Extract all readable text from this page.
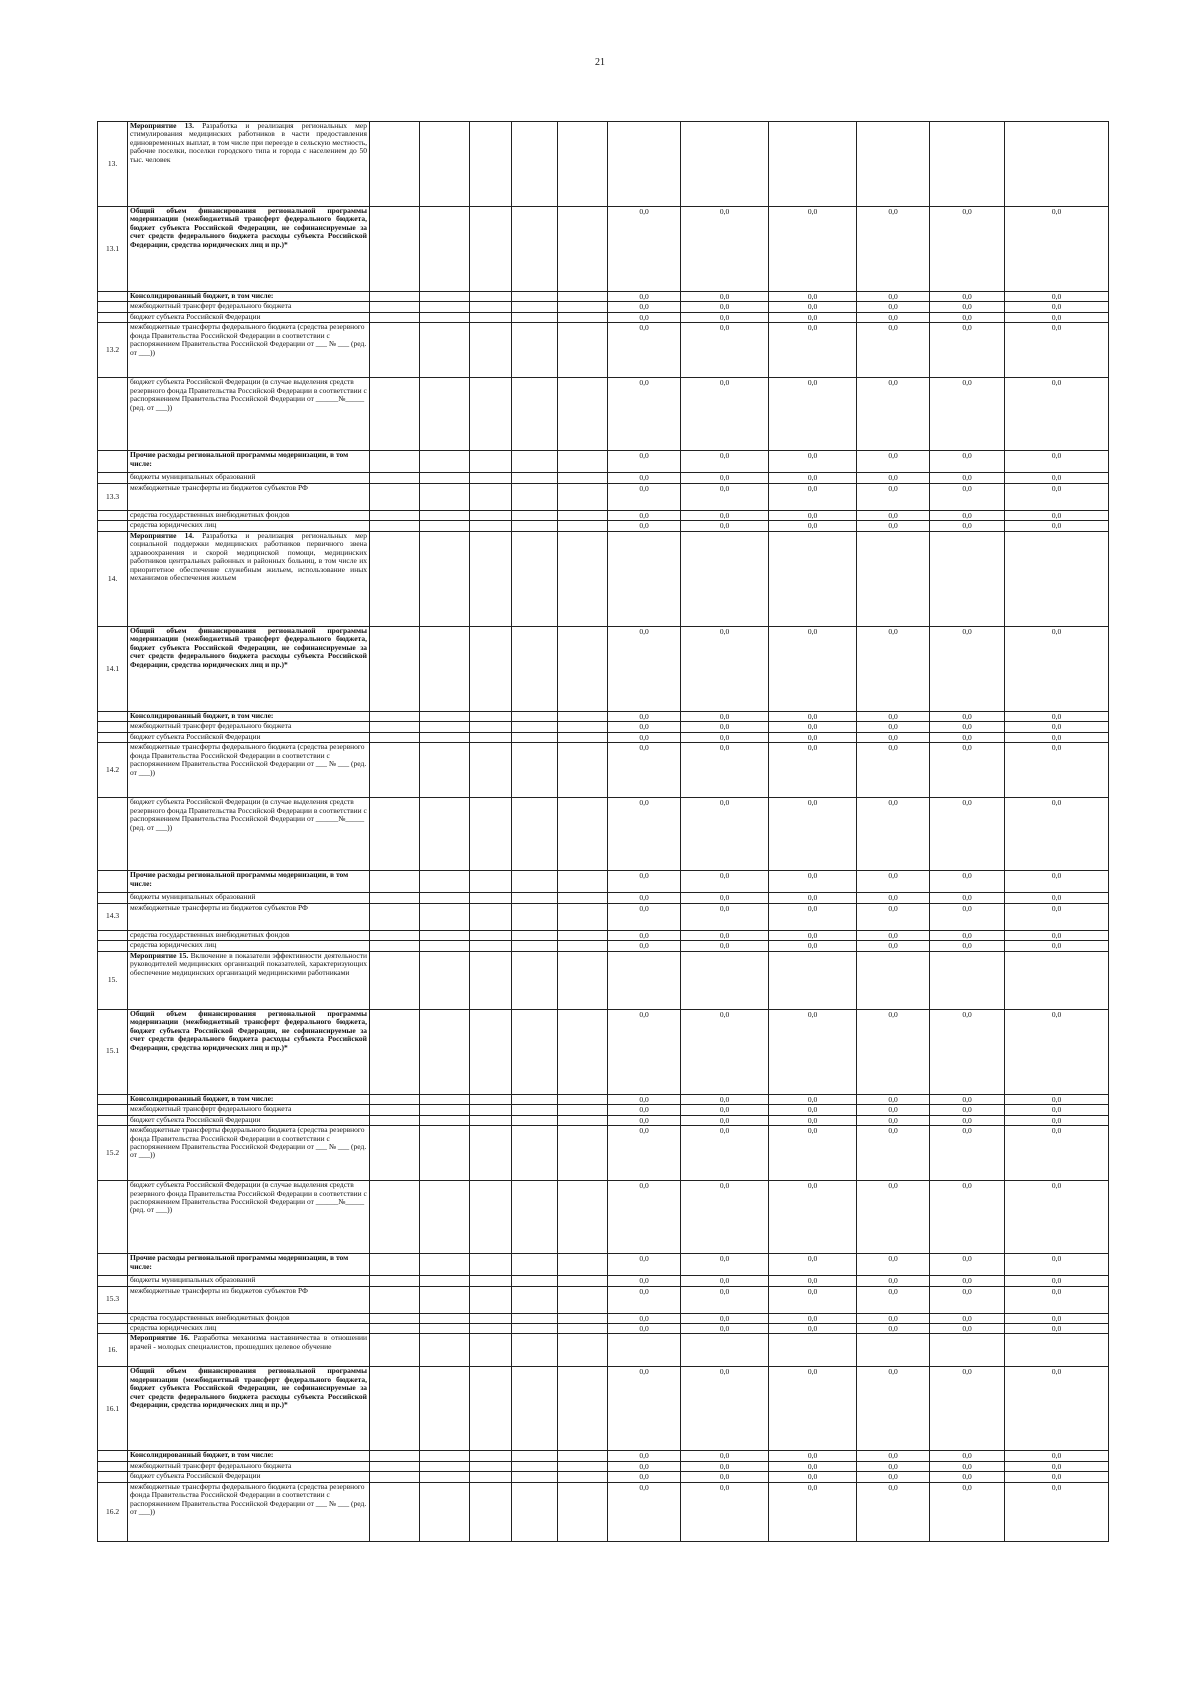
21
13.	Мероприятие 13. Разработка и реализация региональных мер стимулирования медицинских работников в части предоставления единовременных выплат, в том числе при переезде в сельскую местность, рабочие поселки, поселки городского типа и города с населением до 50 тыс. человек											
13.1	Общий объем финансирования региональной программы модернизации (межбюджетный трансферт федерального бюджета, бюджет субъекта Российской Федерации, не софинансируемые за счет средств федерального бюджета расходы субъекта Российской Федерации, средства юридических лиц и пр.)*						0,0	0,0	0,0	0,0	0,0	0,0
	Консолидированный бюджет, в том числе:						0,0	0,0	0,0	0,0	0,0	0,0
	межбюджетный трансферт федерального бюджета						0,0	0,0	0,0	0,0	0,0	0,0
	бюджет субъекта Российской Федерации						0,0	0,0	0,0	0,0	0,0	0,0
13.2	межбюджетные трансферты федерального бюджета (средства резервного фонда Правительства Российской Федерации в соответствии с распоряжением Правительства Российской Федерации от ___ № ___ (ред. от ___))						0,0	0,0	0,0	0,0	0,0	0,0
	бюджет субъекта Российской Федерации (в случае выделения средств резервного фонда Правительства Российской Федерации в соответствии с распоряжением Правительства Российской Федерации от ______№_____ (ред. от ___))						0,0	0,0	0,0	0,0	0,0	0,0
	Прочие расходы региональной программы модернизации, в том числе:						0,0	0,0	0,0	0,0	0,0	0,0
	бюджеты муниципальных образований						0,0	0,0	0,0	0,0	0,0	0,0
13.3	межбюджетные трансферты из бюджетов субъектов РФ						0,0	0,0	0,0	0,0	0,0	0,0
	средства государственных внебюджетных фондов						0,0	0,0	0,0	0,0	0,0	0,0
	средства юридических лиц						0,0	0,0	0,0	0,0	0,0	0,0
14.	Мероприятие 14. Разработка и реализация региональных мер социальной поддержки медицинских работников первичного звена здравоохранения и скорой медицинской помощи, медицинских работников центральных районных и районных больниц, в том числе их приоритетное обеспечение служебным жильем, использование иных механизмов обеспечения жильем											
14.1	Общий объем финансирования региональной программы модернизации (межбюджетный трансферт федерального бюджета, бюджет субъекта Российской Федерации, не софинансируемые за счет средств федерального бюджета расходы субъекта Российской Федерации, средства юридических лиц и пр.)*						0,0	0,0	0,0	0,0	0,0	0,0
	Консолидированный бюджет, в том числе:						0,0	0,0	0,0	0,0	0,0	0,0
	межбюджетный трансферт федерального бюджета						0,0	0,0	0,0	0,0	0,0	0,0
	бюджет субъекта Российской Федерации						0,0	0,0	0,0	0,0	0,0	0,0
14.2	межбюджетные трансферты федерального бюджета (средства резервного фонда Правительства Российской Федерации в соответствии с распоряжением Правительства Российской Федерации от ___ № ___ (ред. от ___))						0,0	0,0	0,0	0,0	0,0	0,0
	бюджет субъекта Российской Федерации (в случае выделения средств резервного фонда Правительства Российской Федерации в соответствии с распоряжением Правительства Российской Федерации от ______№_____ (ред. от ___))						0,0	0,0	0,0	0,0	0,0	0,0
	Прочие расходы региональной программы модернизации, в том числе:						0,0	0,0	0,0	0,0	0,0	0,0
	бюджеты муниципальных образований						0,0	0,0	0,0	0,0	0,0	0,0
14.3	межбюджетные трансферты из бюджетов субъектов РФ						0,0	0,0	0,0	0,0	0,0	0,0
	средства государственных внебюджетных фондов						0,0	0,0	0,0	0,0	0,0	0,0
	средства юридических лиц						0,0	0,0	0,0	0,0	0,0	0,0
15.	Мероприятие 15. Включение в показатели эффективности деятельности руководителей медицинских организаций показателей, характеризующих обеспечение медицинских организаций медицинскими работниками											
15.1	Общий объем финансирования региональной программы модернизации (межбюджетный трансферт федерального бюджета, бюджет субъекта Российской Федерации, не софинансируемые за счет средств федерального бюджета расходы субъекта Российской Федерации, средства юридических лиц и пр.)*						0,0	0,0	0,0	0,0	0,0	0,0
	Консолидированный бюджет, в том числе:						0,0	0,0	0,0	0,0	0,0	0,0
	межбюджетный трансферт федерального бюджета						0,0	0,0	0,0	0,0	0,0	0,0
	бюджет субъекта Российской Федерации						0,0	0,0	0,0	0,0	0,0	0,0
15.2	межбюджетные трансферты федерального бюджета (средства резервного фонда Правительства Российской Федерации в соответствии с распоряжением Правительства Российской Федерации от ___ № ___ (ред. от ___))						0,0	0,0	0,0	0,0	0,0	0,0
	бюджет субъекта Российской Федерации (в случае выделения средств резервного фонда Правительства Российской Федерации в соответствии с распоряжением Правительства Российской Федерации от ______№_____ (ред. от ___))						0,0	0,0	0,0	0,0	0,0	0,0
	Прочие расходы региональной программы модернизации, в том числе:						0,0	0,0	0,0	0,0	0,0	0,0
	бюджеты муниципальных образований						0,0	0,0	0,0	0,0	0,0	0,0
15.3	межбюджетные трансферты из бюджетов субъектов РФ						0,0	0,0	0,0	0,0	0,0	0,0
	средства государственных внебюджетных фондов						0,0	0,0	0,0	0,0	0,0	0,0
	средства юридических лиц						0,0	0,0	0,0	0,0	0,0	0,0
16.	Мероприятие 16. Разработка механизма наставничества в отношении врачей - молодых специалистов, прошедших целевое обучение											
16.1	Общий объем финансирования региональной программы модернизации (межбюджетный трансферт федерального бюджета, бюджет субъекта Российской Федерации, не софинансируемые за счет средств федерального бюджета расходы субъекта Российской Федерации, средства юридических лиц и пр.)*						0,0	0,0	0,0	0,0	0,0	0,0
	Консолидированный бюджет, в том числе:						0,0	0,0	0,0	0,0	0,0	0,0
	межбюджетный трансферт федерального бюджета						0,0	0,0	0,0	0,0	0,0	0,0
	бюджет субъекта Российской Федерации						0,0	0,0	0,0	0,0	0,0	0,0
16.2	межбюджетные трансферты федерального бюджета (средства резервного фонда Правительства Российской Федерации в соответствии с распоряжением Правительства Российской Федерации от ___ № ___ (ред. от ___))						0,0	0,0	0,0	0,0	0,0	0,0
